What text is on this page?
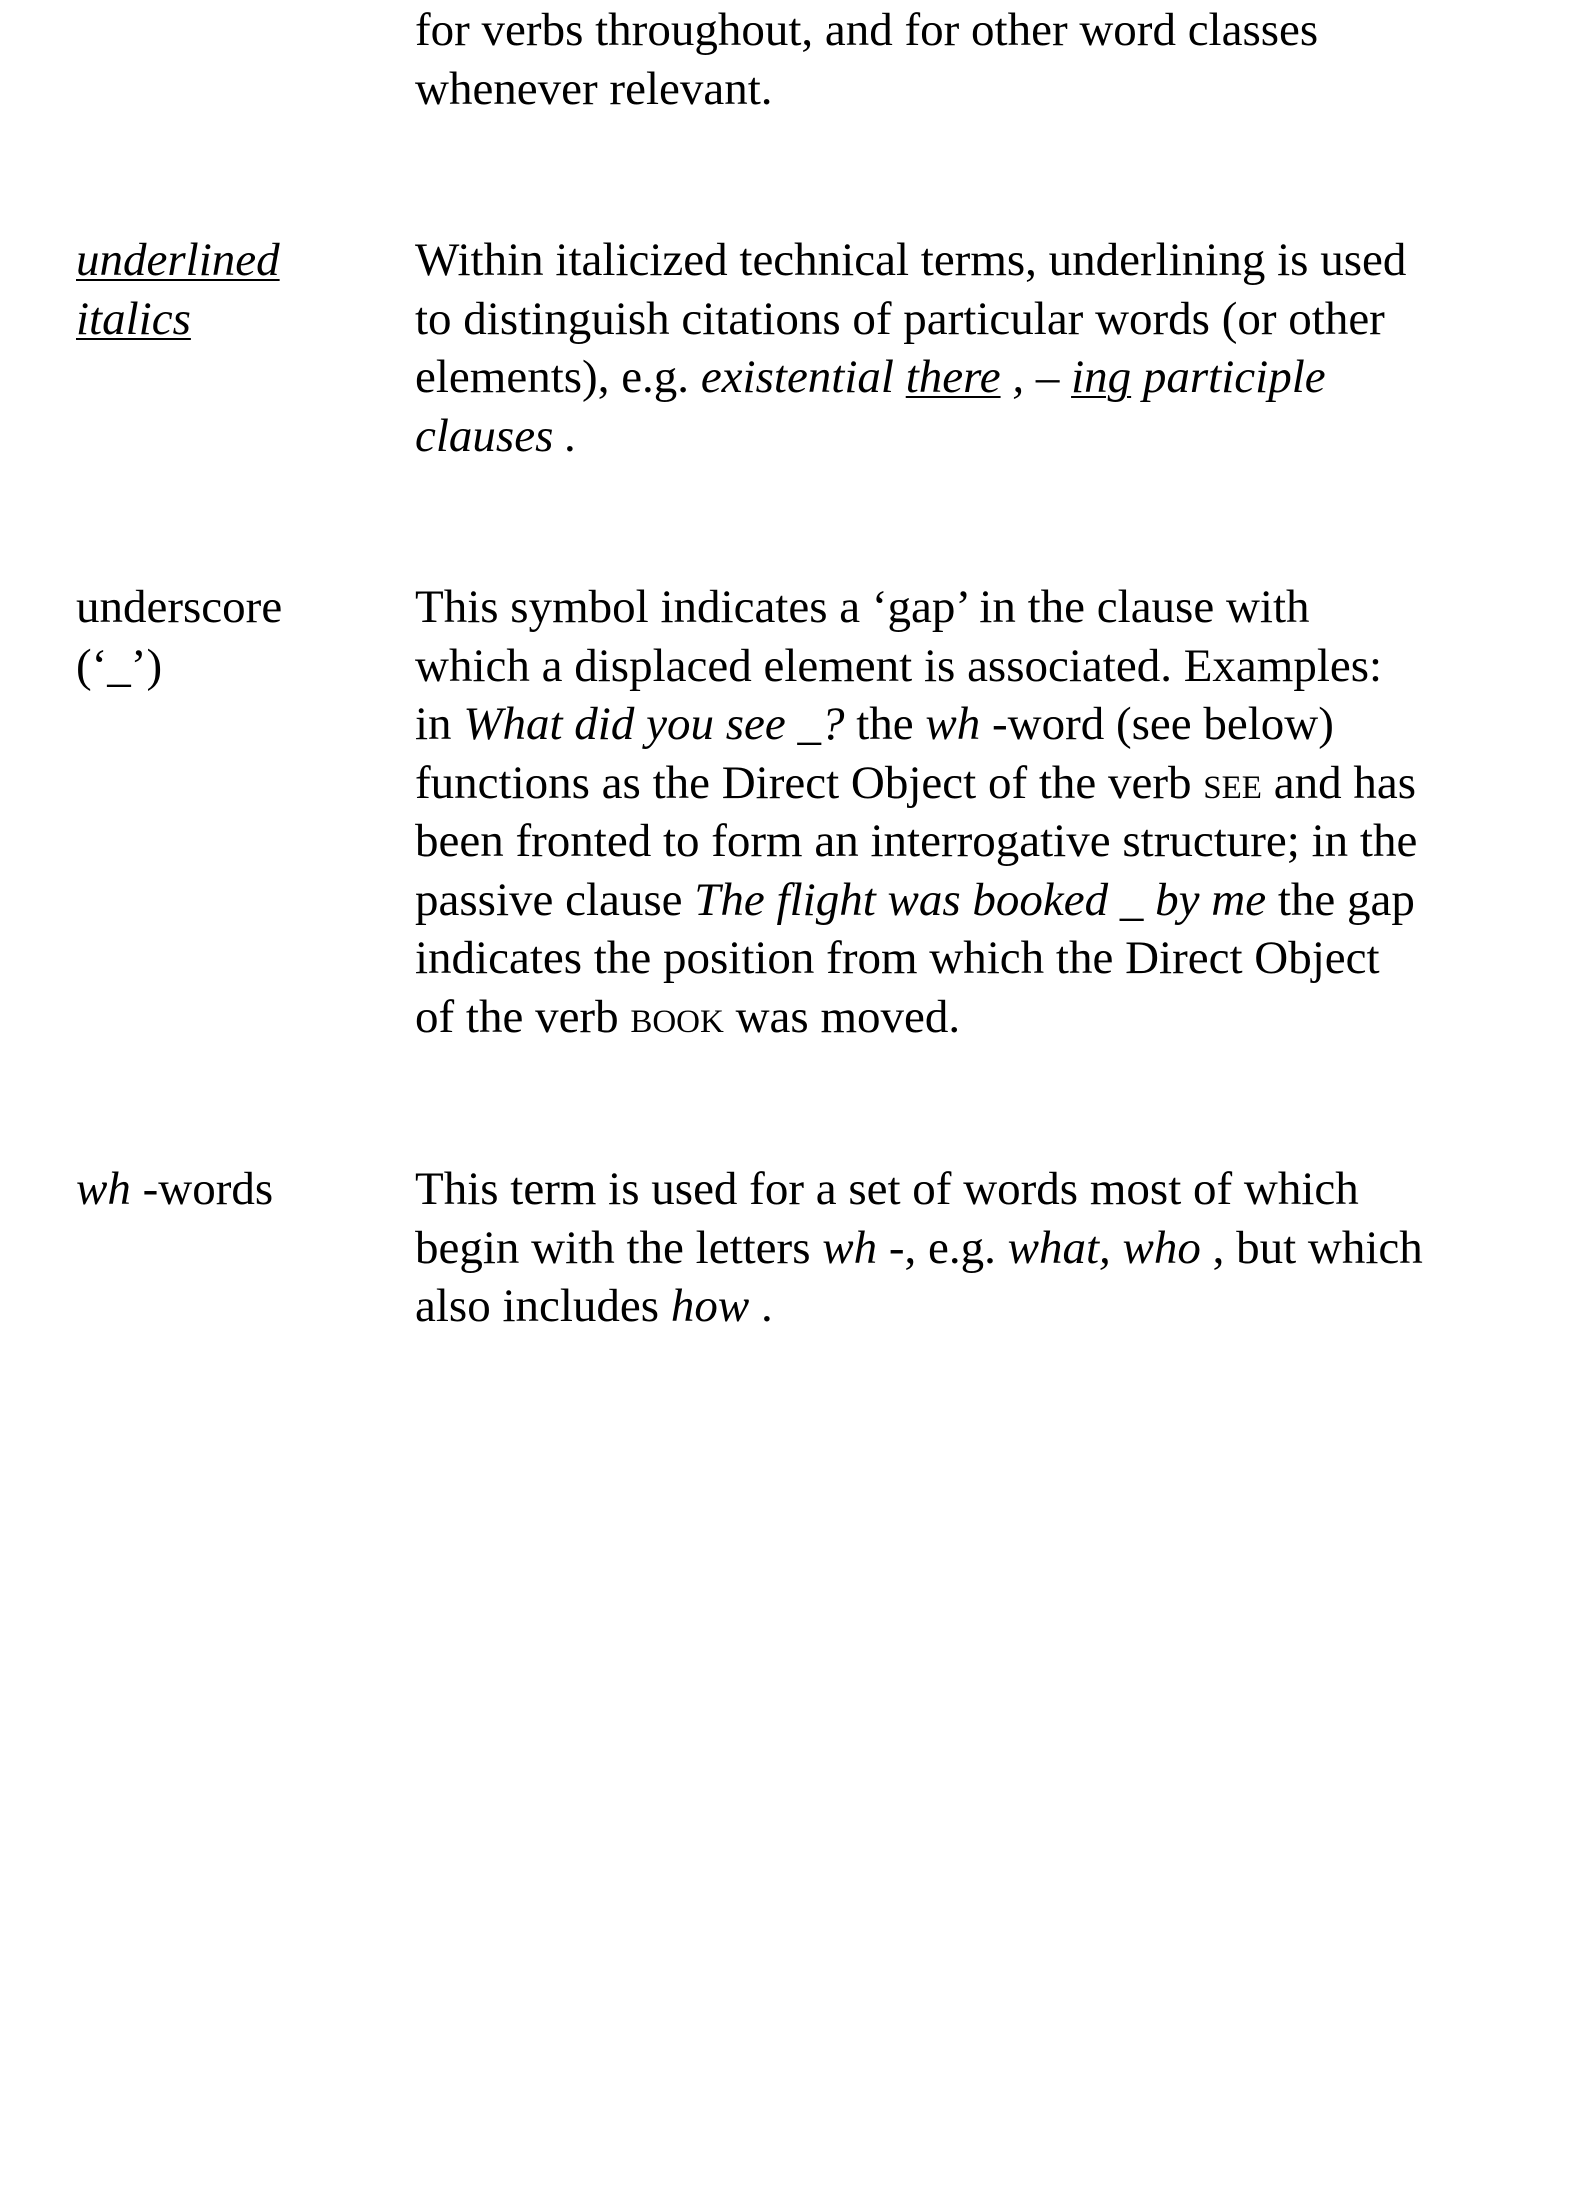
for verbs throughout, and for other word classes
whenever relevant.
underlined
italics
Within italicized technical terms, underlining is used
to distinguish citations of particular words (or other
elements), e.g. existential there , – ing participle
clauses .
underscore
(‘_’)
This symbol indicates a ‘gap’ in the clause with
which a displaced element is associated. Examples:
in What did you see _? the wh -word (see below)
functions as the Direct Object of the verb see and has
been fronted to form an interrogative structure; in the
passive clause The flight was booked _ by me the gap
indicates the position from which the Direct Object
of the verb book was moved.
wh -words	This term is used for a set of words most of which
begin with the letters wh -, e.g. what, who , but which
also includes how .
